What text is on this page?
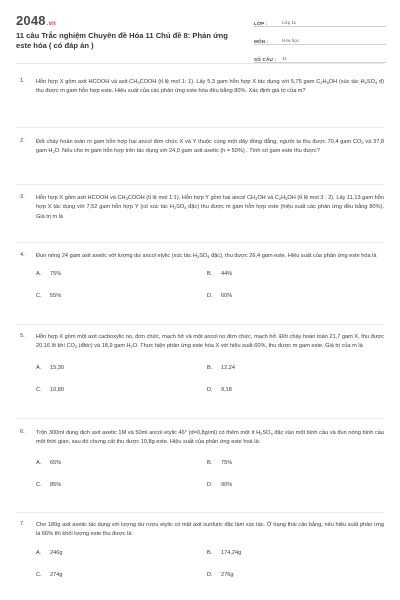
2048.vn
11 câu Trắc nghiệm Chuyên đề Hóa 11 Chủ đề 8: Phản ứng este hóa ( có đáp án )
LỚP :	Lớp 11
MÔN :	Hóa học
SỐ CÂU :	11
1. Hỗn hợp X gồm axit HCOOH và axit $CH_3COOH$ (tỉ lệ mol 1: 1). Lấy 5,3 gam hỗn hợp X tác dụng với 5,75 gam $C_2H_5OH$ (xúc tác $H_2SO_4$ đ) thu được m gam hỗn hợp este. Hiệu suất của các phản ứng este hóa đều bằng 80%. Xác định giá trị của m?
2. Đốt cháy hoàn toàn m gam hỗn hợp hai ancol đơn chức X và Y thuộc cùng một dãy đồng đẳng, người ta thu được 70,4 gam $CO_2$ và 37,8 gam $H_2O$. Nếu cho m gam hỗn hợp trên tác dụng với 24,0 gam axit axetic (h = 50%) . Tính số gam este thu được?
3. Hỗn hợp X gồm axit HCOOH và $CH_3COOH$ (tỉ lệ mol 1:1). Hỗn hợp Y gồm hai ancol $CH_3OH$ và $C_2H_5OH$ (tỉ lệ mol 3 : 2). Lấy 11,13 gam hỗn hợp X tác dụng với 7,52 gam hỗn hợp Y (có xúc tác $H_2SO_4$ đặc) thu được m gam hỗn hợp este (hiệu suất các phản ứng đều bằng 80%). Giá trị m là
4. Đun nóng 24 gam axit axetic với lượng dư ancol etylic (xúc tác $H_2SO_4$ đặc), thu được 26,4 gam este. Hiệu suất của phản ứng este hóa là
A. 75%	B. 44%
C. 55%	D. 60%
5. Hỗn hợp X gồm một axit cacboxylic no, đơn chức, mạch hở và một ancol no đơn chức, mạch hở. Đốt cháy hoàn toàn 21,7 gam X, thu được 20,16 lít khí $CO_2$ (đktc) và 18,9 gam $H_2O$. Thực hiện phản ứng este hóa X với hiệu suất 60%, thu được m gam este. Giá trị của m là
A. 15,30	B. 12,24
C. 10,80	D. 9,18
6. Trộn 300ml dung dịch axit axetic 1M và 50ml ancol etylic 46° (d=0,8g/ml) có thêm một ít $H_2SO_4$ đặc vào một bình cầu và đun nóng bình cầu một thời gian, sau đó chưng cất thu được 19,8g este. Hiệu suất của phản ứng este hoá là:
A. 65%	B. 75%
C. 85%	D. 90%
7. Cho 180g axit axetic tác dụng với lượng dư rượu etylic có mặt axit sunfuric đặc làm xúc tác. Ở trạng thái cân bằng, nếu hiệu suất phản ứng là 66% thì khối lượng este thu được là:
A. 246g	B. 174,24g
C. 274g	D. 276g
